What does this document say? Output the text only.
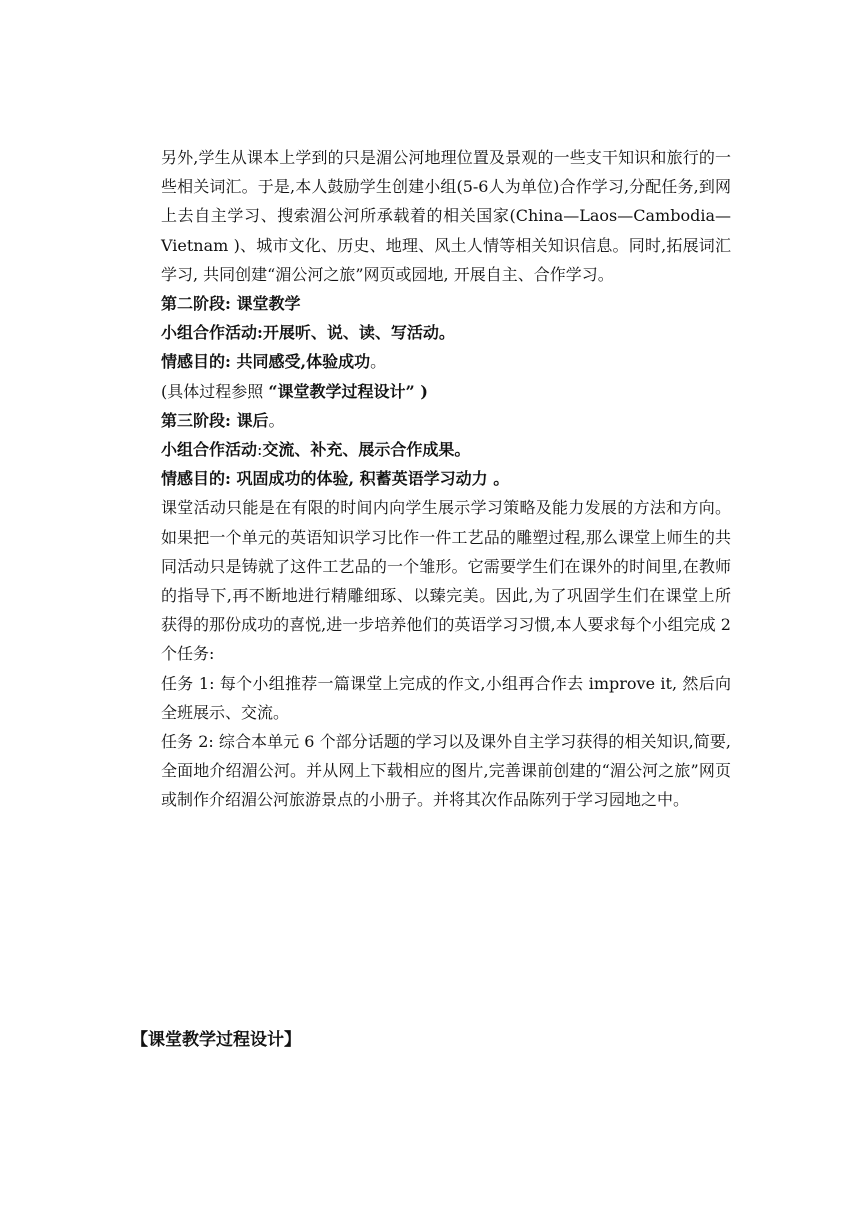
另外,学生从课本上学到的只是湄公河地理位置及景观的一些支干知识和旅行的一些相关词汇。于是,本人鼓励学生创建小组(5-6人为单位)合作学习,分配任务,到网上去自主学习、搜索湄公河所承载着的相关国家(China—Laos—Cambodia—Vietnam )、城市文化、历史、地理、风土人情等相关知识信息。同时,拓展词汇学习, 共同创建“湄公河之旅”网页或园地, 开展自主、合作学习。

第二阶段: 课堂教学

小组合作活动:开展听、说、读、写活动。

情感目的: 共同感受,体验成功。

(具体过程参照 “课堂教学过程设计” )

第三阶段: 课后。

小组合作活动:交流、补充、展示合作成果。

情感目的: 巩固成功的体验, 积蓄英语学习动力 。

课堂活动只能是在有限的时间内向学生展示学习策略及能力发展的方法和方向。如果把一个单元的英语知识学习比作一件工艺品的雕塑过程,那么课堂上师生的共同活动只是铸就了这件工艺品的一个雏形。它需要学生们在课外的时间里,在教师的指导下,再不断地进行精雕细琢、以臻完美。因此,为了巩固学生们在课堂上所获得的那份成功的喜悦,进一步培养他们的英语学习习惯,本人要求每个小组完成 2 个任务:

任务 1: 每个小组推荐一篇课堂上完成的作文,小组再合作去 improve it, 然后向全班展示、交流。

任务 2: 综合本单元 6 个部分话题的学习以及课外自主学习获得的相关知识,简要,全面地介绍湄公河。并从网上下载相应的图片,完善课前创建的“湄公河之旅”网页或制作介绍湄公河旅游景点的小册子。并将其次作品陈列于学习园地之中。

【课堂教学过程设计】
